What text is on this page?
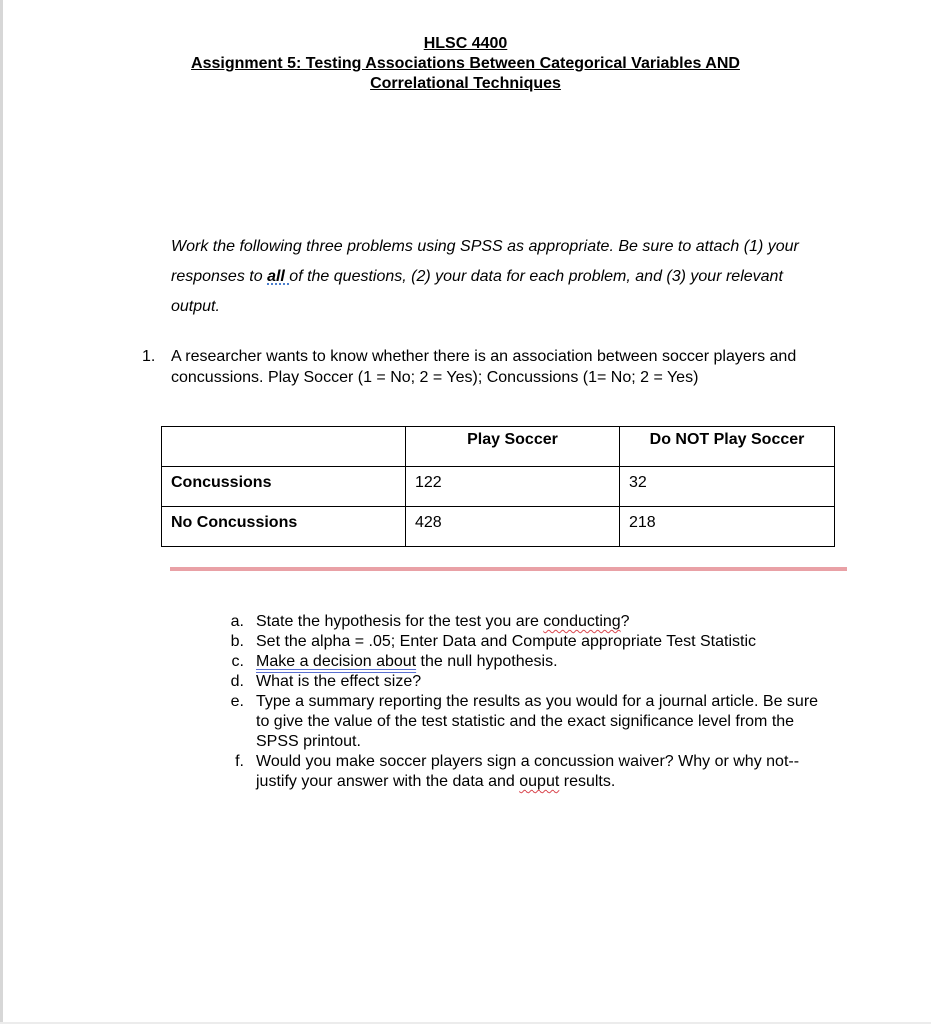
HLSC 4400
Assignment 5: Testing Associations Between Categorical Variables AND
Correlational Techniques
Work the following three problems using SPSS as appropriate. Be sure to attach (1) your responses to all of the questions, (2) your data for each problem, and (3) your relevant output.
1. A researcher wants to know whether there is an association between soccer players and concussions. Play Soccer (1 = No; 2 = Yes); Concussions (1= No; 2 = Yes)
	Play Soccer	Do NOT Play Soccer
Concussions	122	32
No Concussions	428	218
a. State the hypothesis for the test you are conducting?
b. Set the alpha = .05; Enter Data and Compute appropriate Test Statistic
c. Make a decision about the null hypothesis.
d. What is the effect size?
e. Type a summary reporting the results as you would for a journal article. Be sure to give the value of the test statistic and the exact significance level from the SPSS printout.
f. Would you make soccer players sign a concussion waiver? Why or why not--justify your answer with the data and ouput results.
